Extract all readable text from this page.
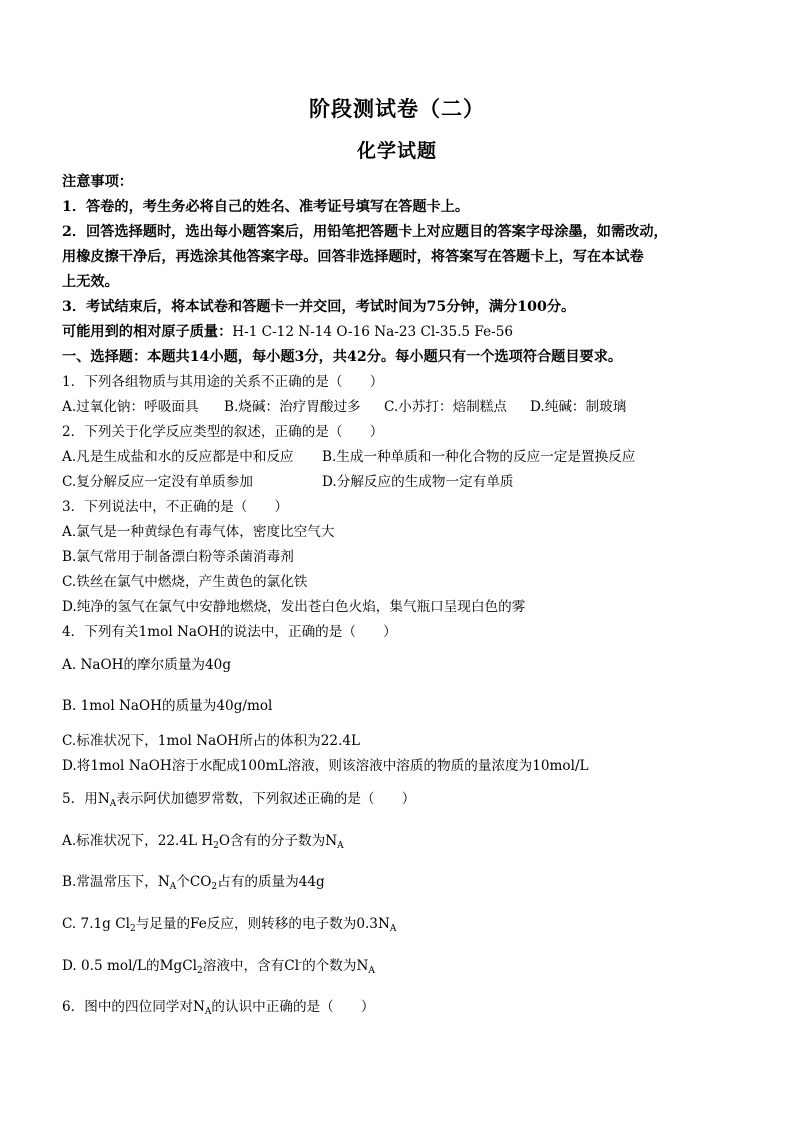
阶段测试卷（二）
化学试题
注意事项：
1．答卷的，考生务必将自己的姓名、准考证号填写在答题卡上。
2．回答选择题时，选出每小题答案后，用铅笔把答题卡上对应题目的答案字母涂墨，如需改动，
用橡皮擦干净后，再选涂其他答案字母。回答非选择题时，将答案写在答题卡上，写在本试卷
上无效。
3．考试结束后，将本试卷和答题卡一并交回，考试时间为75分钟，满分100分。
可能用到的相对原子质量：H-1 C-12 N-14 O-16 Na-23 Cl-35.5 Fe-56
一、选择题：本题共14小题，每小题3分，共42分。每小题只有一个选项符合题目要求。
1．下列各组物质与其用途的关系不正确的是（　　）
A.过氧化钠：呼吸面具 B.烧碱：治疗胃酸过多 C.小苏打：焙制糕点 D.纯碱：制玻璃
2．下列关于化学反应类型的叙述，正确的是（　　）
A.凡是生成盐和水的反应都是中和反应 B.生成一种单质和一种化合物的反应一定是置换反应
C.复分解反应一定没有单质参加	D.分解反应的生成物一定有单质
3．下列说法中，不正确的是（　　）
A.氯气是一种黄绿色有毒气体，密度比空气大
B.氯气常用于制备漂白粉等杀菌消毒剂
C.铁丝在氯气中燃烧，产生黄色的氯化铁
D.纯净的氢气在氯气中安静地燃烧，发出苍白色火焰，集气瓶口呈现白色的雾
4．下列有关1mol NaOH的说法中，正确的是（　　）
A. NaOH的摩尔质量为40g
B. 1mol NaOH的质量为40g/mol
C.标准状况下，1mol NaOH所占的体积为22.4L
D.将1mol NaOH溶于水配成100mL溶液，则该溶液中溶质的物质的量浓度为10mol/L
5．用$N_A$表示阿伏加德罗常数，下列叙述正确的是（　　）
A.标准状况下，22.4L $H_2O$含有的分子数为$N_A$
B.常温常压下，$N_A$个$CO_2$占有的质量为44g
C. 7.1g $Cl_2$与足量的Fe反应，则转移的电子数为$0.3N_A$
D. 0.5 mol/L的MgCl$_2$溶液中，含有Cl-的个数为$N_A$
6．图中的四位同学对$N_A$的认识中正确的是（　　）
